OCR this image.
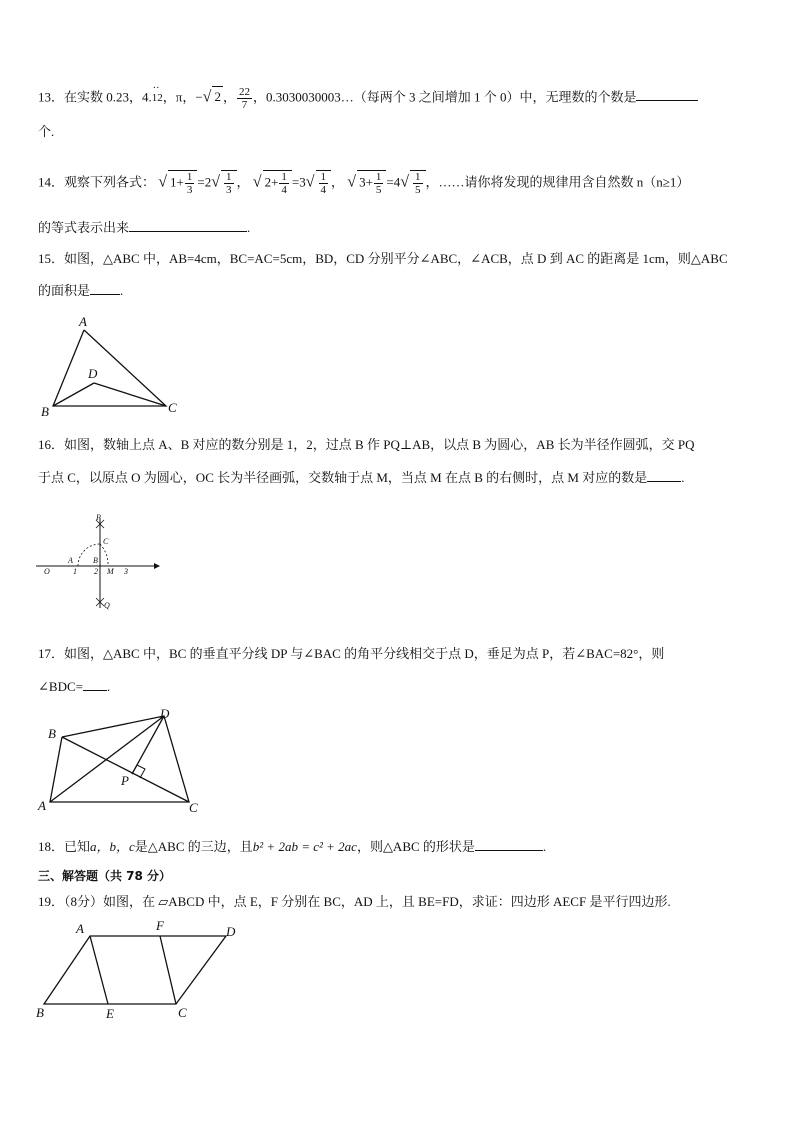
13．在实数 0.23，4.
··
12，π，−√ 2 ， $\frac{22}{7}$ ，0.3030030003…（每两个 3 之间增加 1 个 0）中，无理数的个数是
个.
14．观察下列各式： √ $1+ \frac{1}{3} =2√ \frac{1}{3}$ ， √ $2+ \frac{1}{4} =3√ \frac{1}{4}$ ， √ $3+ \frac{1}{5} =4√ \frac{1}{5}$ ，……请你将发现的规律用含自然数 n（n≥1）
的等式表示出来	.
15．如图，△ABC 中，AB=4cm，BC=AC=5cm，BD，CD 分别平分∠ABC，∠ACB，点 D 到 AC 的距离是 1cm，则△ABC
的面积是 .
A
B	C
D
16．如图，数轴上点 A、B 对应的数分别是 1，2，过点 B 作 PQ⊥AB，以点 B 为圆心，AB 长为半径作圆弧，交 PQ
于点 C，以原点 O 为圆心，OC 长为半径画弧，交数轴于点 M，当点 M 在点 B 的右侧时，点 M 对应的数是	.
P
Q
C
A	B
O	1 2 M 3
17．如图，△ABC 中，BC 的垂直平分线 DP 与∠BAC 的角平分线相交于点 D，垂足为点 P，若∠BAC=82°，则
∠BDC= .
B
D
A	C
P
18．已知a，b，c是△ABC 的三边，且b² + 2ab = c² + 2ac，则△ABC 的形状是	.
三、解答题（共 78 分）
19．（8分）如图，在 ▱ABCD 中，点 E，F 分别在 BC，AD 上，且 BE=FD，求证：四边形 AECF 是平行四边形.
A	F	D
B	E	C
